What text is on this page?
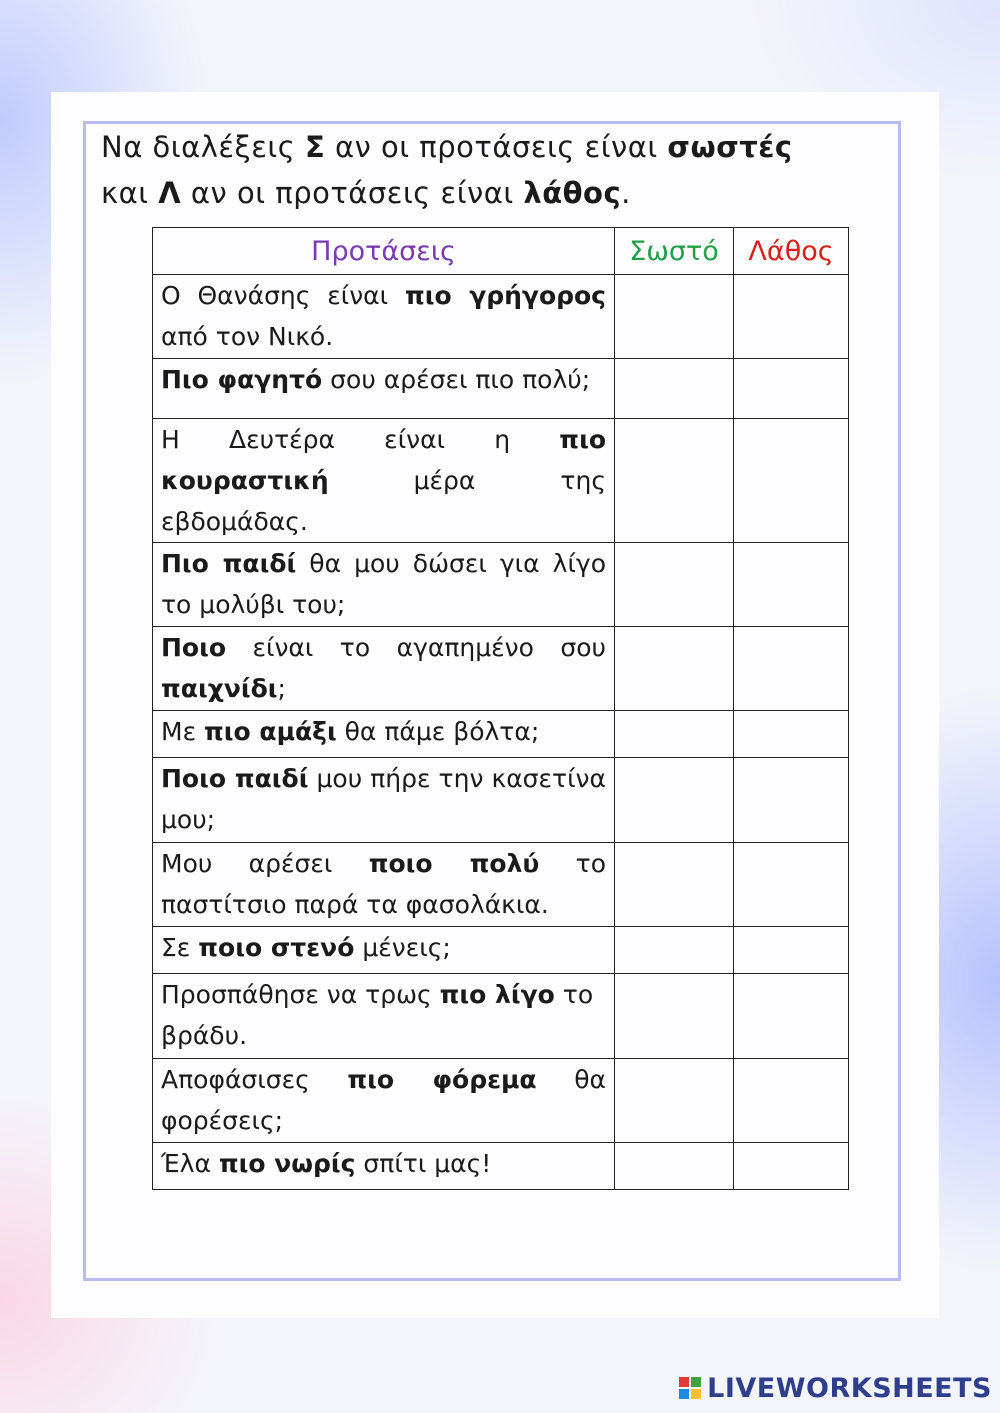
Να διαλέξεις Σ αν οι προτάσεις είναι σωστές
και Λ αν οι προτάσεις είναι λάθος.
Προτάσεις	Σωστό	Λάθος
Ο Θανάσης είναι πιο γρήγορος από τον Νικό.		
Πιο φαγητό σου αρέσει πιο πολύ;		
Η Δευτέρα είναι η πιο κουραστική μέρα της εβδομάδας.		
Πιο παιδί θα μου δώσει για λίγο το μολύβι του;		
Ποιο είναι το αγαπημένο σου παιχνίδι;		
Με πιο αμάξι θα πάμε βόλτα;		
Ποιο παιδί μου πήρε την κασετίνα μου;		
Μου αρέσει ποιο πολύ το παστίτσιο παρά τα φασολάκια.		
Σε ποιο στενό μένεις;		
Προσπάθησε να τρως πιο λίγο το βράδυ.		
Αποφάσισες πιο φόρεμα θα φορέσεις;		
Έλα πιο νωρίς σπίτι μας!		
LIVEWORKSHEETS
